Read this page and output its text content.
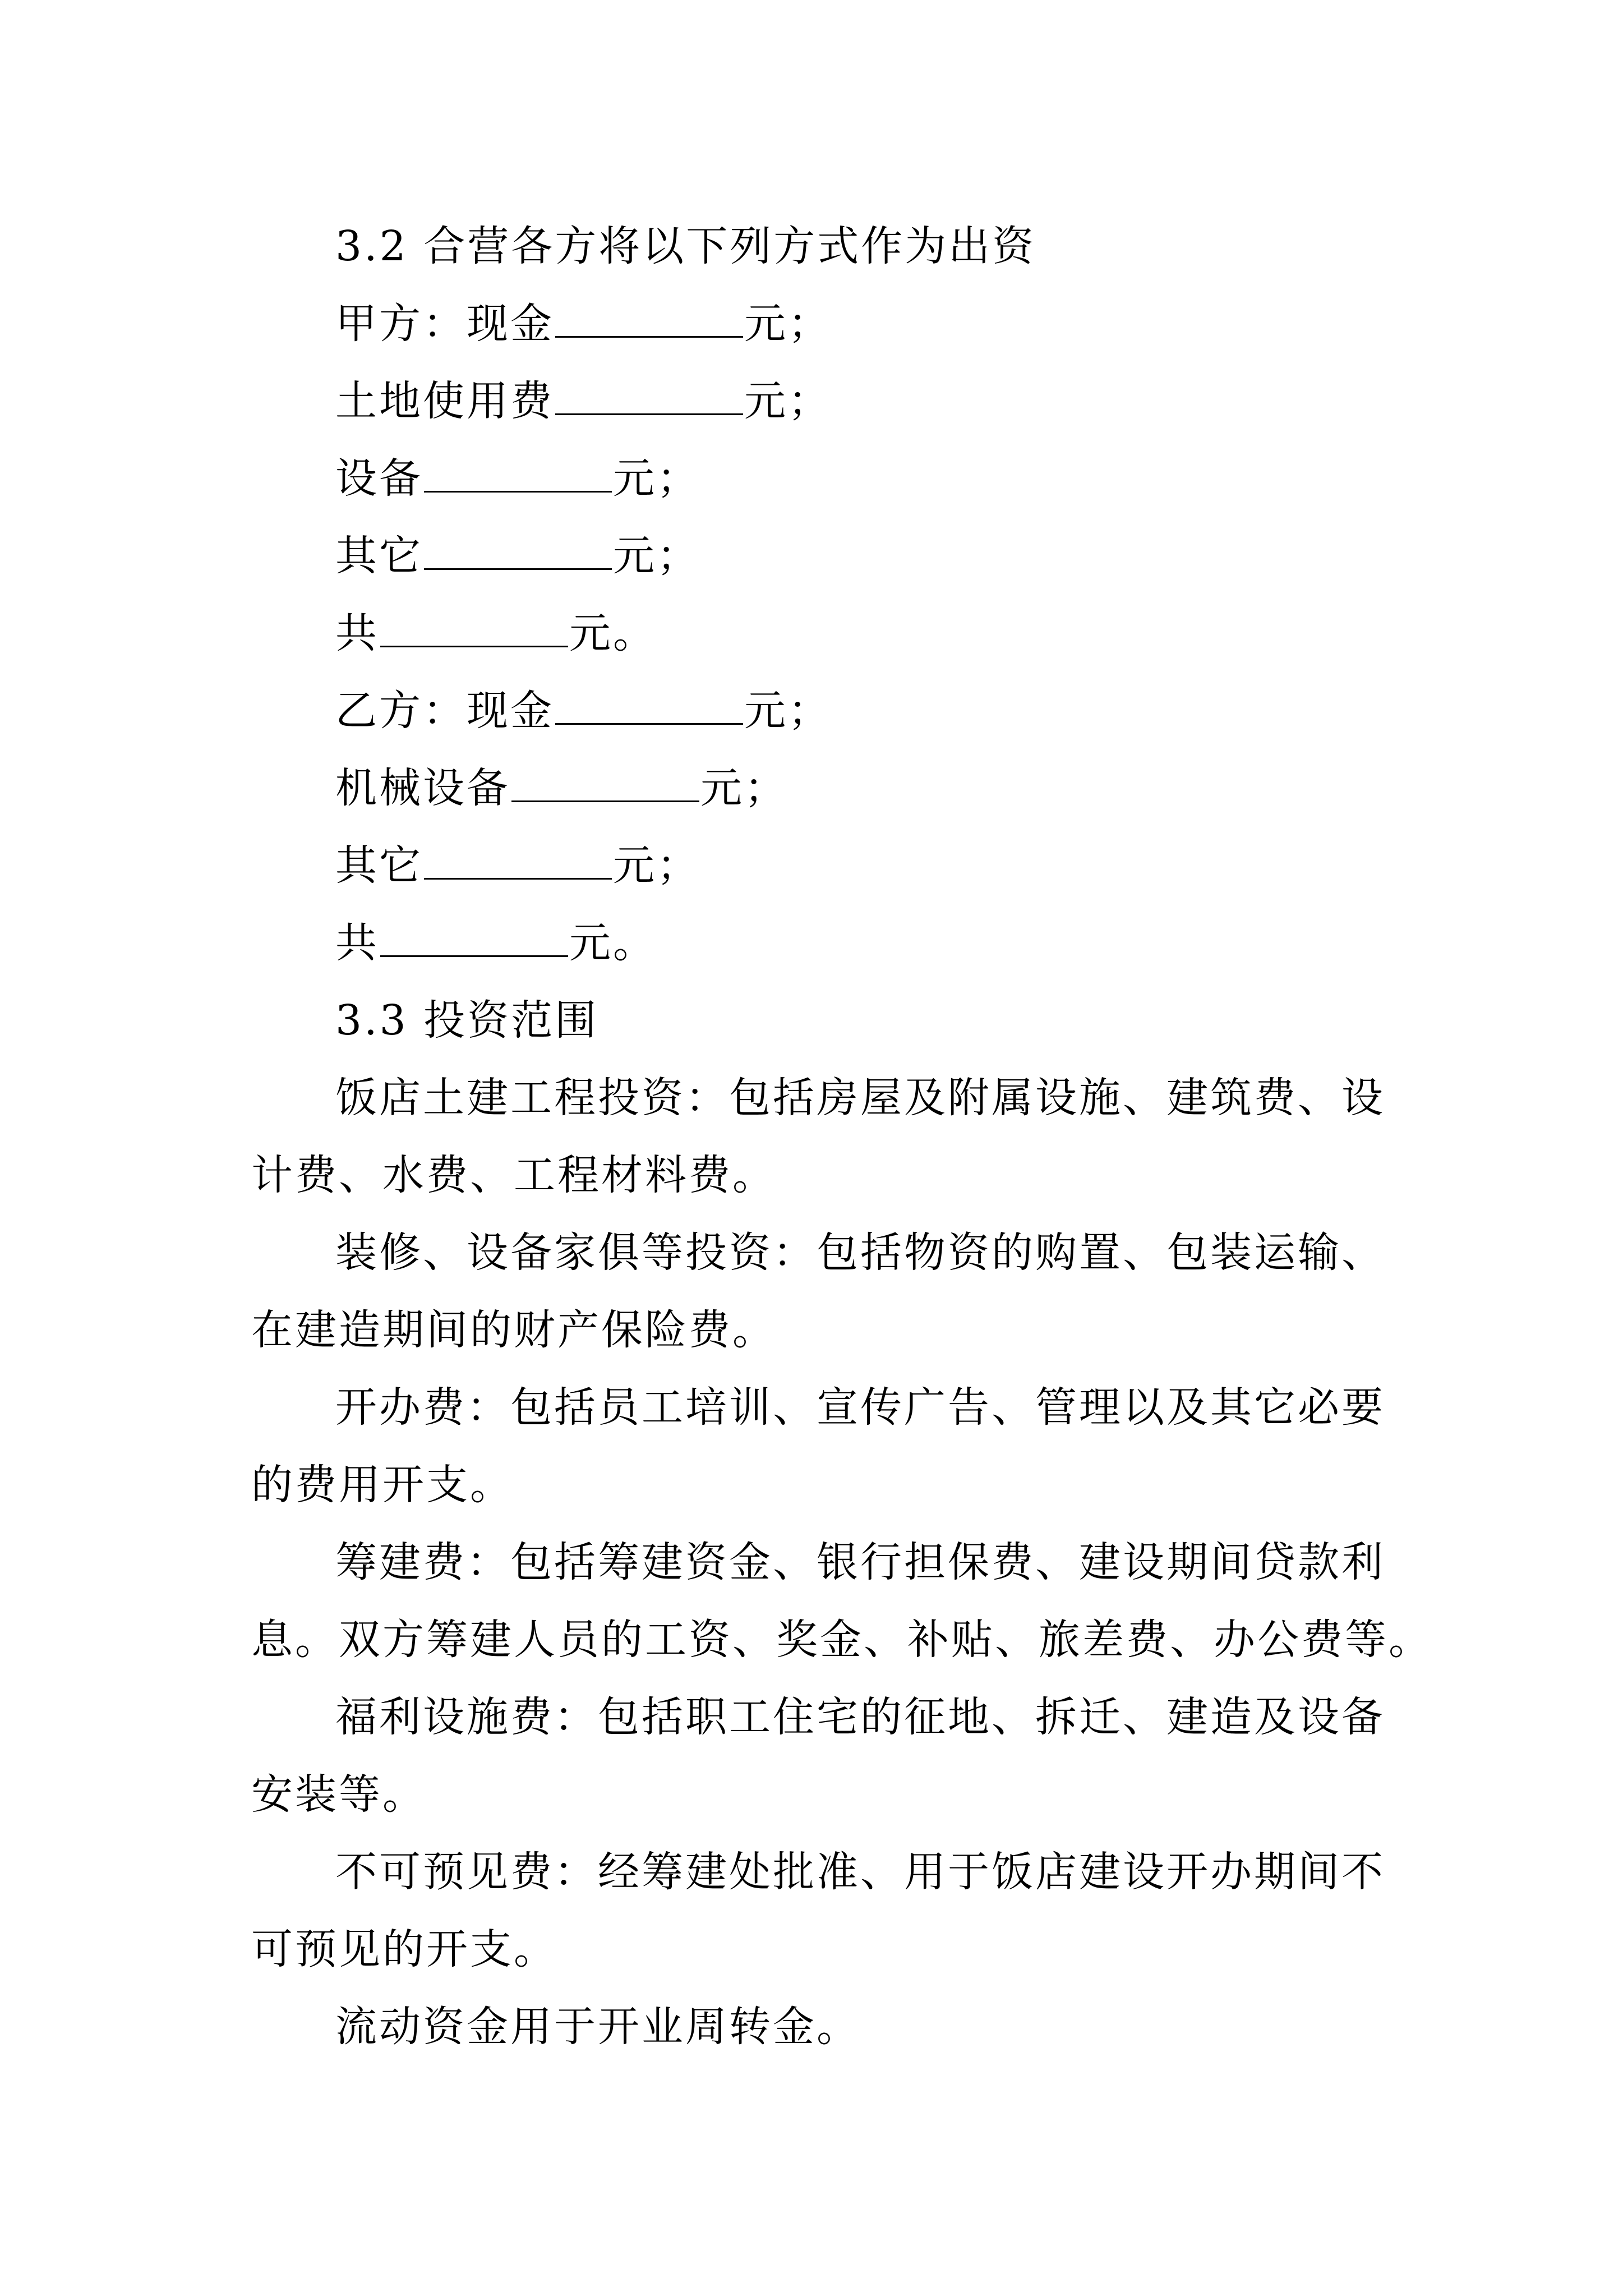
3.2 合营各方将以下列方式作为出资
甲方：现金	元；
土地使用费	元；
设备	元；
其它	元；
共	元。
乙方：现金	元；
机械设备	元；
其它	元；
共	元。
3.3 投资范围
饭店土建工程投资：包括房屋及附属设施、建筑费、设
计费、水费、工程材料费。
装修、设备家俱等投资：包括物资的购置、包装运输、
在建造期间的财产保险费。
开办费：包括员工培训、宣传广告、管理以及其它必要
的费用开支。
筹建费：包括筹建资金、银行担保费、建设期间贷款利
息。双方筹建人员的工资、奖金、补贴、旅差费、办公费等。
福利设施费：包括职工住宅的征地、拆迁、建造及设备
安装等。
不可预见费：经筹建处批准、用于饭店建设开办期间不
可预见的开支。
流动资金用于开业周转金。
